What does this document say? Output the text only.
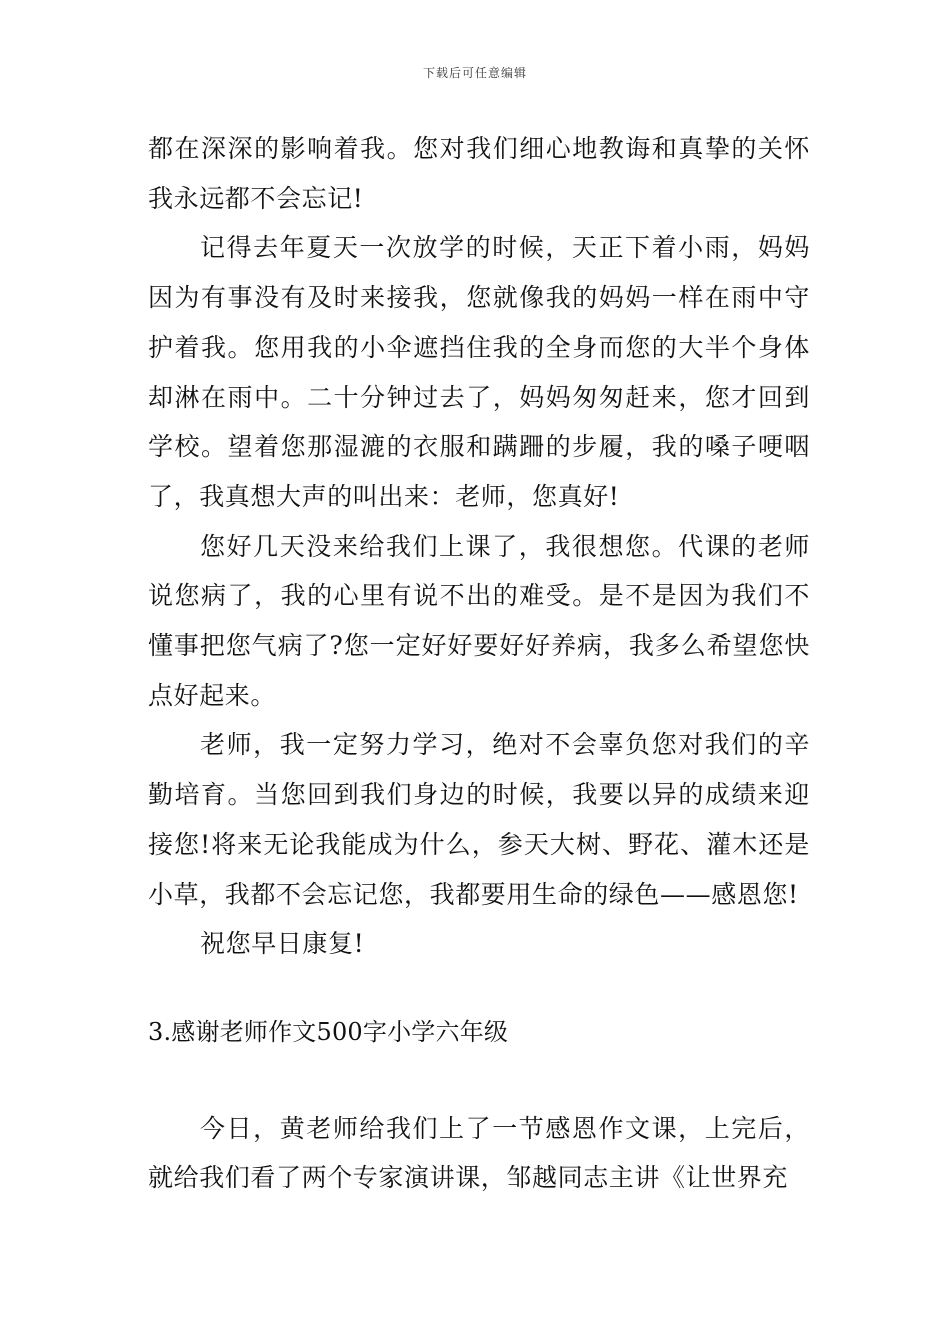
下载后可任意编辑

都在深深的影响着我。您对我们细心地教诲和真挚的关怀我永远都不会忘记!

记得去年夏天一次放学的时候，天正下着小雨，妈妈因为有事没有及时来接我，您就像我的妈妈一样在雨中守护着我。您用我的小伞遮挡住我的全身而您的大半个身体却淋在雨中。二十分钟过去了，妈妈匆匆赶来，您才回到学校。望着您那湿漉的衣服和蹒跚的步履，我的嗓子哽咽了，我真想大声的叫出来：老师，您真好!

您好几天没来给我们上课了，我很想您。代课的老师说您病了，我的心里有说不出的难受。是不是因为我们不懂事把您气病了?您一定好好要好好养病，我多么希望您快点好起来。

老师，我一定努力学习，绝对不会辜负您对我们的辛勤培育。当您回到我们身边的时候，我要以异的成绩来迎接您!将来无论我能成为什么，参天大树、野花、灌木还是小草，我都不会忘记您，我都要用生命的绿色——感恩您!

祝您早日康复!

3.感谢老师作文500字小学六年级

今日，黄老师给我们上了一节感恩作文课，上完后，就给我们看了两个专家演讲课，邹越同志主讲《让世界充
